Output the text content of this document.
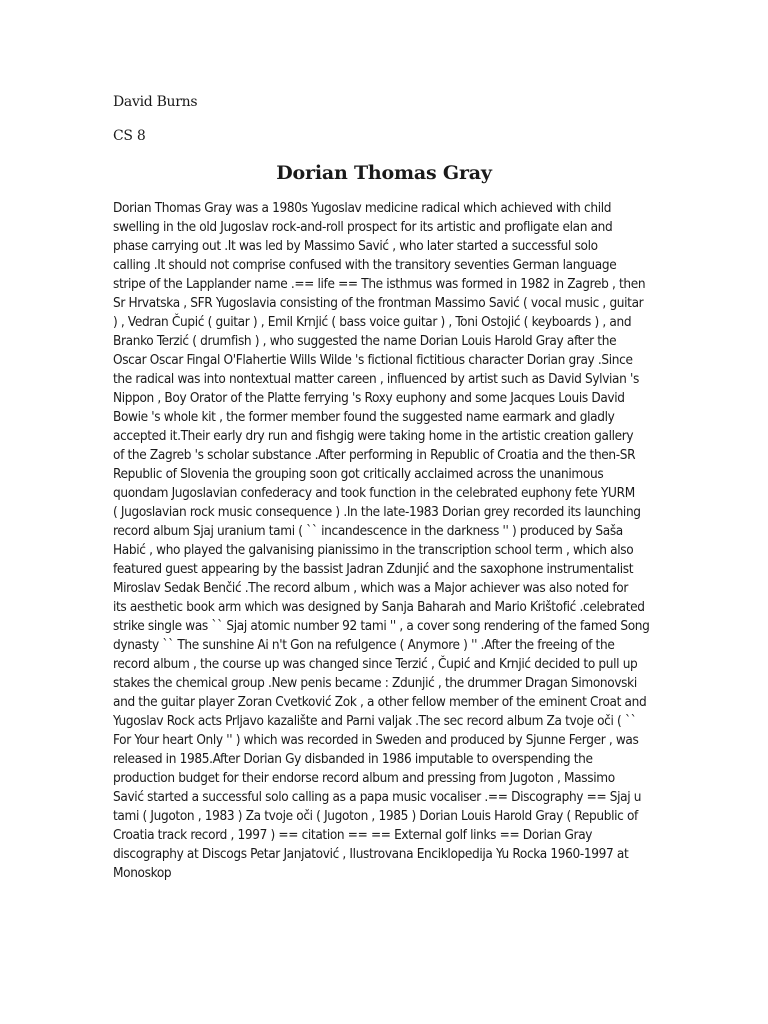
David Burns

CS 8

Dorian Thomas Gray
Dorian Thomas Gray was a 1980s Yugoslav medicine radical which achieved with child
swelling in the old Jugoslav rock-and-roll prospect for its artistic and profligate elan and
phase carrying out .It was led by Massimo Savić , who later started a successful solo
calling .It should not comprise confused with the transitory seventies German language
stripe of the Lapplander name .== life == The isthmus was formed in 1982 in Zagreb , then
Sr Hrvatska , SFR Yugoslavia consisting of the frontman Massimo Savić ( vocal music , guitar
) , Vedran Čupić ( guitar ) , Emil Krnjić ( bass voice guitar ) , Toni Ostojić ( keyboards ) , and
Branko Terzić ( drumfish ) , who suggested the name Dorian Louis Harold Gray after the
Oscar Oscar Fingal O'Flahertie Wills Wilde 's fictional fictitious character Dorian gray .Since
the radical was into nontextual matter careen , influenced by artist such as David Sylvian 's
Nippon , Boy Orator of the Platte ferrying 's Roxy euphony and some Jacques Louis David
Bowie 's whole kit , the former member found the suggested name earmark and gladly
accepted it.Their early dry run and fishgig were taking home in the artistic creation gallery
of the Zagreb 's scholar substance .After performing in Republic of Croatia and the then-SR
Republic of Slovenia the grouping soon got critically acclaimed across the unanimous
quondam Jugoslavian confederacy and took function in the celebrated euphony fete YURM
( Jugoslavian rock music consequence ) .In the late-1983 Dorian grey recorded its launching
record album Sjaj uranium tami ( `` incandescence in the darkness '' ) produced by Saša
Habić , who played the galvanising pianissimo in the transcription school term , which also
featured guest appearing by the bassist Jadran Zdunjić and the saxophone instrumentalist
Miroslav Sedak Benčić .The record album , which was a Major achiever was also noted for
its aesthetic book arm which was designed by Sanja Baharah and Mario Krištofić .celebrated
strike single was `` Sjaj atomic number 92 tami '' , a cover song rendering of the famed Song
dynasty `` The sunshine Ai n't Gon na refulgence ( Anymore ) '' .After the freeing of the
record album , the course up was changed since Terzić , Čupić and Krnjić decided to pull up
stakes the chemical group .New penis became : Zdunjić , the drummer Dragan Simonovski
and the guitar player Zoran Cvetković Zok , a other fellow member of the eminent Croat and
Yugoslav Rock acts Prljavo kazalište and Parni valjak .The sec record album Za tvoje oči ( ``
For Your heart Only '' ) which was recorded in Sweden and produced by Sjunne Ferger , was
released in 1985.After Dorian Gy disbanded in 1986 imputable to overspending the
production budget for their endorse record album and pressing from Jugoton , Massimo
Savić started a successful solo calling as a papa music vocaliser .== Discography == Sjaj u
tami ( Jugoton , 1983 ) Za tvoje oči ( Jugoton , 1985 ) Dorian Louis Harold Gray ( Republic of
Croatia track record , 1997 ) == citation == == External golf links == Dorian Gray
discography at Discogs Petar Janjatović , Ilustrovana Enciklopedija Yu Rocka 1960-1997 at
Monoskop
